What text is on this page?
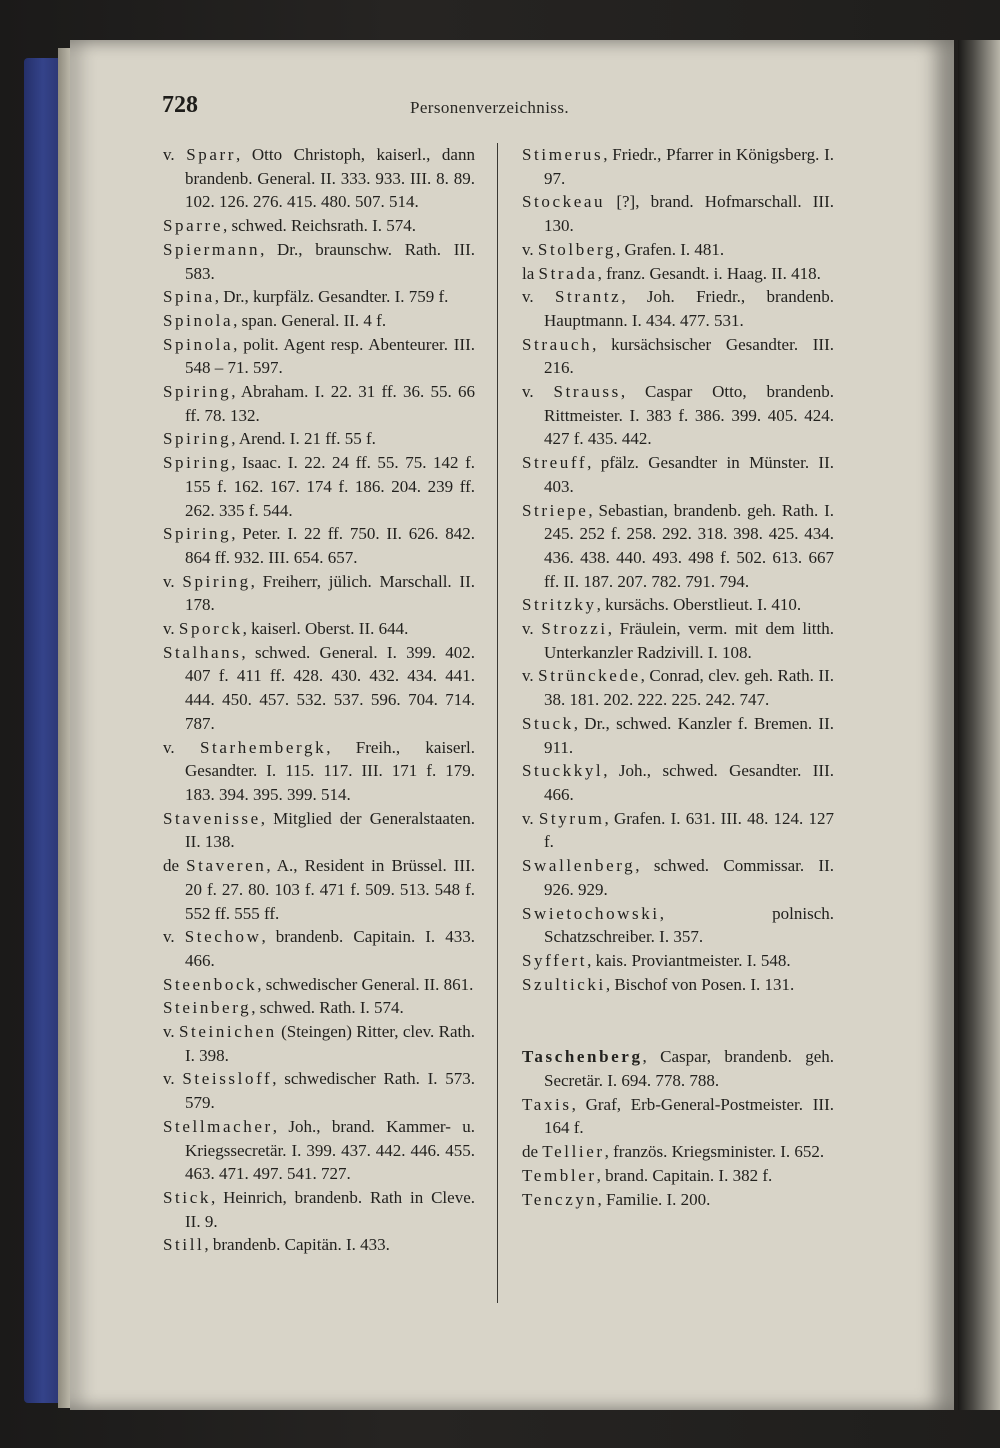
728	Personenverzeichniss.

v. Sparr, Otto Christoph, kaiserl., dann brandenb. General. II. 333. 933. III. 8. 89. 102. 126. 276. 415. 480. 507. 514.

Sparre, schwed. Reichsrath. I. 574.

Spiermann, Dr., braunschw. Rath. III. 583.

Spina, Dr., kurpfälz. Gesandter. I. 759 f.

Spinola, span. General. II. 4 f.

Spinola, polit. Agent resp. Abenteurer. III. 548 – 71. 597.

Spiring, Abraham. I. 22. 31 ff. 36. 55. 66 ff. 78. 132.

Spiring, Arend. I. 21 ff. 55 f.

Spiring, Isaac. I. 22. 24 ff. 55. 75. 142 f. 155 f. 162. 167. 174 f. 186. 204. 239 ff. 262. 335 f. 544.

Spiring, Peter. I. 22 ff. 750. II. 626. 842. 864 ff. 932. III. 654. 657.

v. Spiring, Freiherr, jülich. Marschall. II. 178.

v. Sporck, kaiserl. Oberst. II. 644.

Stalhans, schwed. General. I. 399. 402. 407 f. 411 ff. 428. 430. 432. 434. 441. 444. 450. 457. 532. 537. 596. 704. 714. 787.

v. Starhembergk, Freih., kaiserl. Gesandter. I. 115. 117. III. 171 f. 179. 183. 394. 395. 399. 514.

Stavenisse, Mitglied der Generalstaaten. II. 138.

de Staveren, A., Resident in Brüssel. III. 20 f. 27. 80. 103 f. 471 f. 509. 513. 548 f. 552 ff. 555 ff.

v. Stechow, brandenb. Capitain. I. 433. 466.

Steenbock, schwedischer General. II. 861.

Steinberg, schwed. Rath. I. 574.

v. Steinichen (Steingen) Ritter, clev. Rath. I. 398.

v. Steissloff, schwedischer Rath. I. 573. 579.

Stellmacher, Joh., brand. Kammer- u. Kriegssecretär. I. 399. 437. 442. 446. 455. 463. 471. 497. 541. 727.

Stick, Heinrich, brandenb. Rath in Cleve. II. 9.

Still, brandenb. Capitän. I. 433.

Stimerus, Friedr., Pfarrer in Königsberg. I. 97.

Stockeau [?], brand. Hofmarschall. III. 130.

v. Stolberg, Grafen. I. 481.

la Strada, franz. Gesandt. i. Haag. II. 418.

v. Strantz, Joh. Friedr., brandenb. Hauptmann. I. 434. 477. 531.

Strauch, kursächsischer Gesandter. III. 216.

v. Strauss, Caspar Otto, brandenb. Rittmeister. I. 383 f. 386. 399. 405. 424. 427 f. 435. 442.

Streuff, pfälz. Gesandter in Münster. II. 403.

Striepe, Sebastian, brandenb. geh. Rath. I. 245. 252 f. 258. 292. 318. 398. 425. 434. 436. 438. 440. 493. 498 f. 502. 613. 667 ff. II. 187. 207. 782. 791. 794.

Stritzky, kursächs. Oberstlieut. I. 410.

v. Strozzi, Fräulein, verm. mit dem litth. Unterkanzler Radzivill. I. 108.

v. Strünckede, Conrad, clev. geh. Rath. II. 38. 181. 202. 222. 225. 242. 747.

Stuck, Dr., schwed. Kanzler f. Bremen. II. 911.

Stuckkyl, Joh., schwed. Gesandter. III. 466.

v. Styrum, Grafen. I. 631. III. 48. 124. 127 f.

Swallenberg, schwed. Commissar. II. 926. 929.

Swietochowski, polnisch. Schatzschreiber. I. 357.

Syffert, kais. Proviantmeister. I. 548.

Szulticki, Bischof von Posen. I. 131.

Taschenberg, Caspar, brandenb. geh. Secretär. I. 694. 778. 788.

Taxis, Graf, Erb-General-Postmeister. III. 164 f.

de Tellier, französ. Kriegsminister. I. 652.

Tembler, brand. Capitain. I. 382 f.

Tenczyn, Familie. I. 200.
